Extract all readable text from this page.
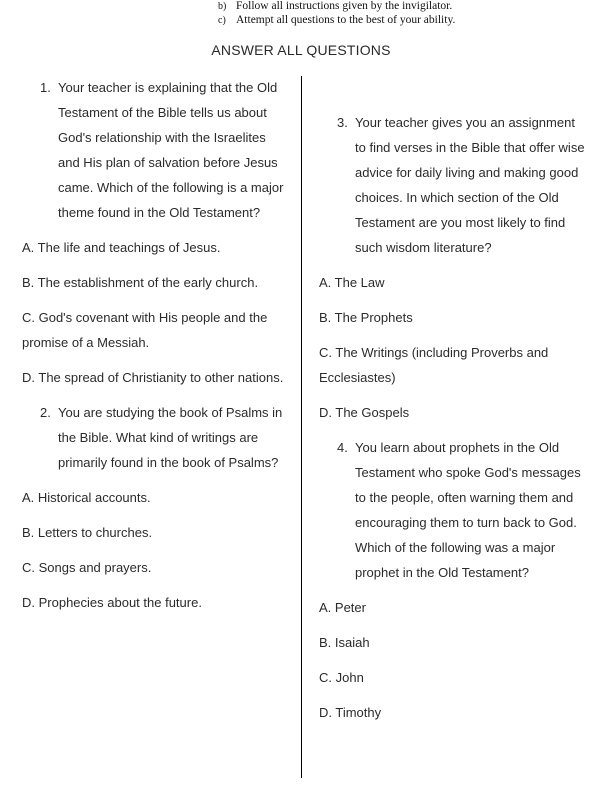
b) Follow all instructions given by the invigilator.
c) Attempt all questions to the best of your ability.
ANSWER ALL QUESTIONS
1. Your teacher is explaining that the Old Testament of the Bible tells us about God's relationship with the Israelites and His plan of salvation before Jesus came. Which of the following is a major theme found in the Old Testament?
A. The life and teachings of Jesus.
B. The establishment of the early church.
C. God's covenant with His people and the promise of a Messiah.
D. The spread of Christianity to other nations.
2. You are studying the book of Psalms in the Bible. What kind of writings are primarily found in the book of Psalms?
A. Historical accounts.
B. Letters to churches.
C. Songs and prayers.
D. Prophecies about the future.
3. Your teacher gives you an assignment to find verses in the Bible that offer wise advice for daily living and making good choices. In which section of the Old Testament are you most likely to find such wisdom literature?
A. The Law
B. The Prophets
C. The Writings (including Proverbs and Ecclesiastes)
D. The Gospels
4. You learn about prophets in the Old Testament who spoke God's messages to the people, often warning them and encouraging them to turn back to God. Which of the following was a major prophet in the Old Testament?
A. Peter
B. Isaiah
C. John
D. Timothy
